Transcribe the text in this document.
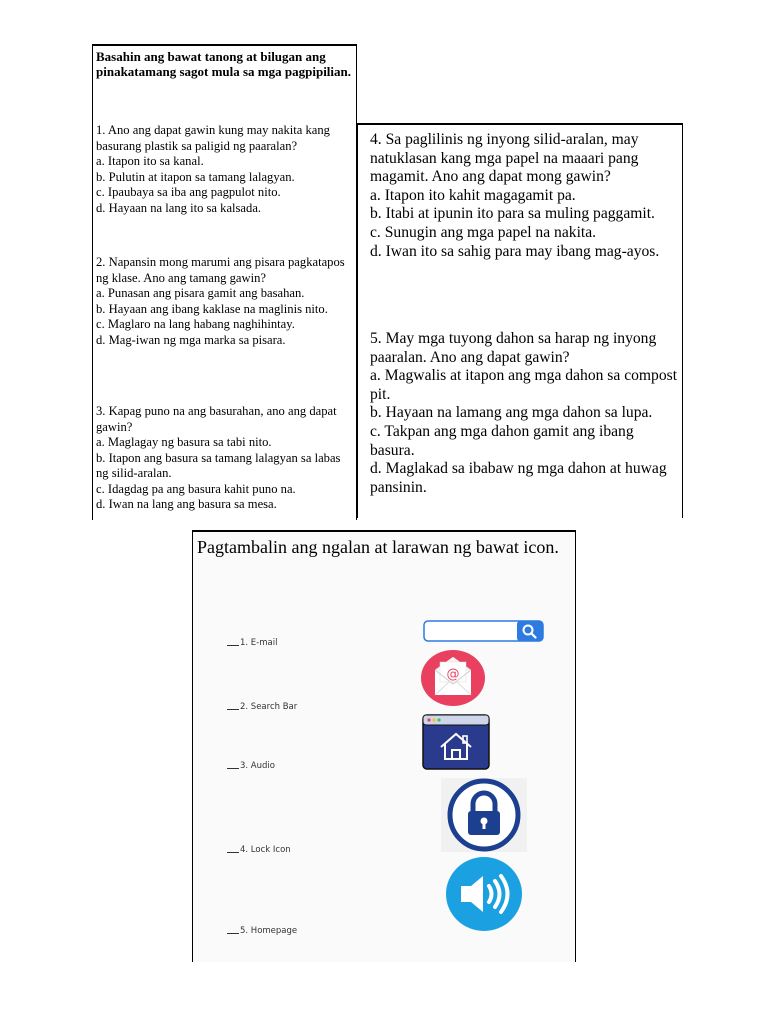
Basahin ang bawat tanong at bilugan ang pinakatamang sagot mula sa mga pagpipilian.

1. Ano ang dapat gawin kung may nakita kang basurang plastik sa paligid ng paaralan?

a. Itapon ito sa kanal.

b. Pulutin at itapon sa tamang lalagyan.

c. Ipaubaya sa iba ang pagpulot nito.

d. Hayaan na lang ito sa kalsada.

2. Napansin mong marumi ang pisara pagkatapos ng klase. Ano ang tamang gawin?

a. Punasan ang pisara gamit ang basahan.

b. Hayaan ang ibang kaklase na maglinis nito.

c. Maglaro na lang habang naghihintay.

d. Mag-iwan ng mga marka sa pisara.

3. Kapag puno na ang basurahan, ano ang dapat gawin?

a. Maglagay ng basura sa tabi nito.

b. Itapon ang basura sa tamang lalagyan sa labas ng silid-aralan.

c. Idagdag pa ang basura kahit puno na.

d. Iwan na lang ang basura sa mesa.

4. Sa paglilinis ng inyong silid-aralan, may natuklasan kang mga papel na maaari pang magamit. Ano ang dapat mong gawin?

a. Itapon ito kahit magagamit pa.

b. Itabi at ipunin ito para sa muling paggamit.

c. Sunugin ang mga papel na nakita.

d. Iwan ito sa sahig para may ibang mag-ayos.

5. May mga tuyong dahon sa harap ng inyong paaralan. Ano ang dapat gawin?

a. Magwalis at itapon ang mga dahon sa compost pit.

b. Hayaan na lamang ang mga dahon sa lupa.

c. Takpan ang mga dahon gamit ang ibang basura.

d. Maglakad sa ibabaw ng mga dahon at huwag pansinin.

Pagtambalin ang ngalan at larawan ng bawat icon.
1. E-mail
2. Search Bar
3. Audio
4. Lock Icon
5. Homepage
@
